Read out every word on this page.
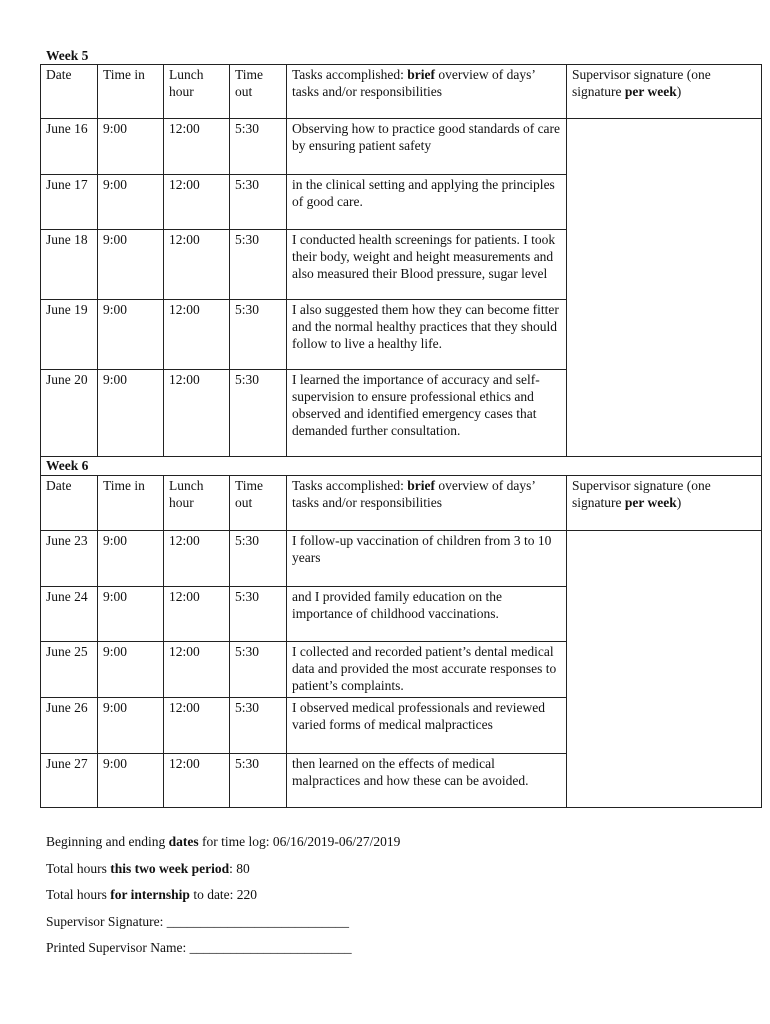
Week 5
Date	Time in	Lunch hour	Time out	Tasks accomplished: brief overview of days’ tasks and/or responsibilities	Supervisor signature (one signature per week)
June 16	9:00	12:00	5:30	Observing how to practice good standards of care by ensuring patient safety	
June 17	9:00	12:00	5:30	in the clinical setting and applying the principles of good care.	
June 18	9:00	12:00	5:30	I conducted health screenings for patients. I took their body, weight and height measurements and also measured their Blood pressure, sugar level	
June 19	9:00	12:00	5:30	I also suggested them how they can become fitter and the normal healthy practices that they should follow to live a healthy life.	
June 20	9:00	12:00	5:30	I learned the importance of accuracy and self-supervision to ensure professional ethics and observed and identified emergency cases that demanded further consultation.	
Week 6					
Date	Time in	Lunch hour	Time out	Tasks accomplished: brief overview of days’ tasks and/or responsibilities	Supervisor signature (one signature per week)
June 23	9:00	12:00	5:30	I follow-up vaccination of children from 3 to 10 years	
June 24	9:00	12:00	5:30	and I provided family education on the importance of childhood vaccinations.	
June 25	9:00	12:00	5:30	I collected and recorded patient’s dental medical data and provided the most accurate responses to patient’s complaints.	
June 26	9:00	12:00	5:30	I observed medical professionals and reviewed varied forms of medical malpractices	
June 27	9:00	12:00	5:30	then learned on the effects of medical malpractices and how these can be avoided.	

Beginning and ending dates for time log: 06/16/2019-06/27/2019

Total hours this two week period: 80

Total hours for internship to date: 220

Supervisor Signature: ___________________________

Printed Supervisor Name: ________________________
